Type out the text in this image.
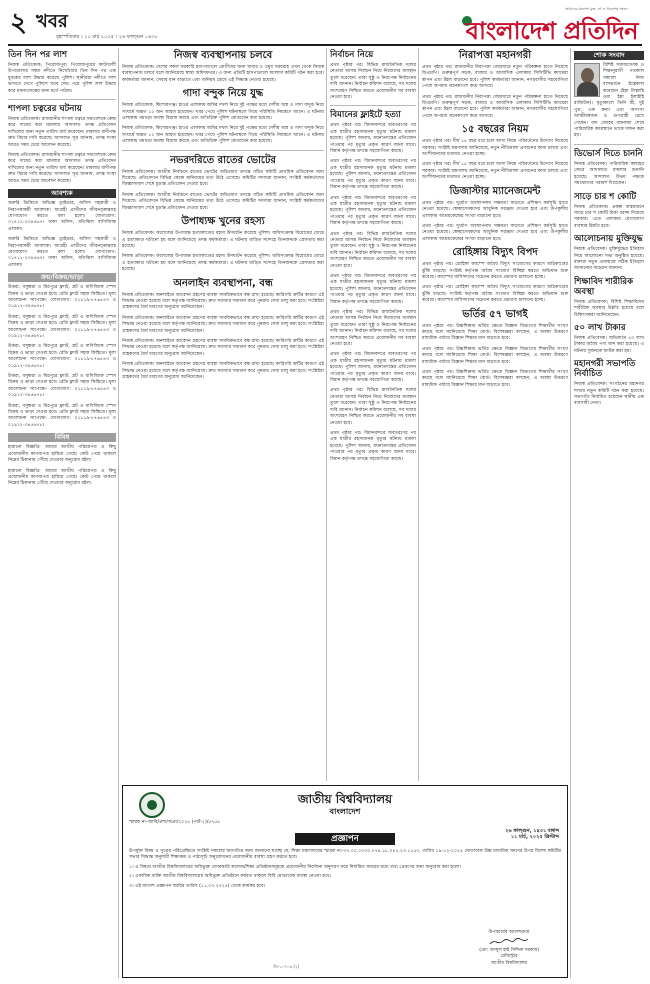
২ খবর
বৃহস্পতিবার । ১০ মার্চ ২০২৫ । ২৬ ফাল্গুন ১৪৩০
আমাদের প্রত্যাশা মুক্ত, সৎ ও নিরপেক্ষ সংবাদ
বাংলাদেশ প্রতিদিন
তিন দিন পর লাশ

নিজস্ব প্রতিবেদক, পিরোজপুর। পিরোজপুরের কাউখালী উপজেলার সন্ধ্যা নদীতে নিখোঁজের তিন দিন পর এক যুবকের লাশ উদ্ধার করেছে পুলিশ। স্থানীয়রা নদীতে লাশ ভাসতে দেখে পুলিশে খবর দেয়। পরে পুলিশ লাশ উদ্ধার করে ময়নাতদন্তের জন্য মর্গে পাঠায়।

শাপলা চত্বরের ঘটনায়

নিজস্ব প্রতিবেদক। রাজধানীর শাপলা চত্বরে সমাবেশকে কেন্দ্র করে দায়ের করা মামলায় আদালত তদন্ত প্রতিবেদন দাখিলের জন্য নতুন তারিখ ধার্য করেছেন। মামলার বাদীপক্ষ দ্রুত বিচার দাবি করেছে। আদালত সূত্র জানায়, তদন্ত সংস্থা আরও সময় চেয়ে আবেদন করেছে।

নিজস্ব প্রতিবেদক। রাজধানীর শাপলা চত্বরে সমাবেশকে কেন্দ্র করে দায়ের করা মামলায় আদালত তদন্ত প্রতিবেদন দাখিলের জন্য নতুন তারিখ ধার্য করেছেন। মামলার বাদীপক্ষ দ্রুত বিচার দাবি করেছে। আদালত সূত্র জানায়, তদন্ত সংস্থা আরও সময় চেয়ে আবেদন করেছে।

আবশ্যক

জরুরি ভিত্তিতে অভিজ্ঞ ড্রাইভার, অফিস সহকারী ও নিরাপত্তাকর্মী আবশ্যক। আগ্রহী প্রার্থীদের জীবনবৃত্তান্তসহ যোগাযোগ করতে বলা হলো। যোগাযোগ: ০১৭১১-২৩৪৫৬৭। ঢাকা অফিস, মতিঝিল বাণিজ্যিক এলাকা।

জরুরি ভিত্তিতে অভিজ্ঞ ড্রাইভার, অফিস সহকারী ও নিরাপত্তাকর্মী আবশ্যক। আগ্রহী প্রার্থীদের জীবনবৃত্তান্তসহ যোগাযোগ করতে বলা হলো। যোগাযোগ: ০১৭১১-২৩৪৫৬৭। ঢাকা অফিস, মতিঝিল বাণিজ্যিক এলাকা।

ক্রয়/বিক্রয়/ভাড়া

উত্তরা, বসুন্ধরা ও মিরপুরে ফ্ল্যাট, প্লট ও বাণিজ্যিক স্পেস বিক্রয় ও ভাড়া দেওয়া হবে। রেডি ফ্ল্যাট সহজ কিস্তিতে। মূল্য আলোচনা সাপেক্ষে। যোগাযোগ: ০১৮১৯-৮৭৬৫৪৩ ও ০১৯১২-৩৪৫৬৭৮।

উত্তরা, বসুন্ধরা ও মিরপুরে ফ্ল্যাট, প্লট ও বাণিজ্যিক স্পেস বিক্রয় ও ভাড়া দেওয়া হবে। রেডি ফ্ল্যাট সহজ কিস্তিতে। মূল্য আলোচনা সাপেক্ষে। যোগাযোগ: ০১৮১৯-৮৭৬৫৪৩ ও ০১৯১২-৩৪৫৬৭৮।

উত্তরা, বসুন্ধরা ও মিরপুরে ফ্ল্যাট, প্লট ও বাণিজ্যিক স্পেস বিক্রয় ও ভাড়া দেওয়া হবে। রেডি ফ্ল্যাট সহজ কিস্তিতে। মূল্য আলোচনা সাপেক্ষে। যোগাযোগ: ০১৮১৯-৮৭৬৫৪৩ ও ০১৯১২-৩৪৫৬৭৮।

উত্তরা, বসুন্ধরা ও মিরপুরে ফ্ল্যাট, প্লট ও বাণিজ্যিক স্পেস বিক্রয় ও ভাড়া দেওয়া হবে। রেডি ফ্ল্যাট সহজ কিস্তিতে। মূল্য আলোচনা সাপেক্ষে। যোগাযোগ: ০১৮১৯-৮৭৬৫৪৩ ও ০১৯১২-৩৪৫৬৭৮।

উত্তরা, বসুন্ধরা ও মিরপুরে ফ্ল্যাট, প্লট ও বাণিজ্যিক স্পেস বিক্রয় ও ভাড়া দেওয়া হবে। রেডি ফ্ল্যাট সহজ কিস্তিতে। মূল্য আলোচনা সাপেক্ষে। যোগাযোগ: ০১৮১৯-৮৭৬৫৪৩ ও ০১৯১২-৩৪৫৬৭৮।

বিবিধ

হারানো বিজ্ঞপ্তি: আমার জাতীয় পরিচয়পত্র ও কিছু প্রয়োজনীয় কাগজপত্র হারিয়ে গেছে। কেউ পেয়ে থাকলে নিম্নের ঠিকানায় পৌঁছে দেওয়ার অনুরোধ রইল।

হারানো বিজ্ঞপ্তি: আমার জাতীয় পরিচয়পত্র ও কিছু প্রয়োজনীয় কাগজপত্র হারিয়ে গেছে। কেউ পেয়ে থাকলে নিম্নের ঠিকানায় পৌঁছে দেওয়ার অনুরোধ রইল।

নিজস্ব ব্যবস্থাপনায় চলবে

নিজস্ব প্রতিবেদক। দেশের সকল সরকারি হাসপাতালে রোগীদের জন্য খাবার ও ওষুধ সরবরাহ এখন থেকে নিজস্ব ব্যবস্থাপনায় চলবে বলে জানিয়েছে স্বাস্থ্য অধিদফতর। এ জন্য প্রতিটি হাসপাতালে আলাদা কমিটি গঠন করা হবে। কর্মকর্তারা জানান, সেবার মান বাড়াতে এবং অনিয়ম রোধে এই সিদ্ধান্ত নেওয়া হয়েছে।

গাদা বন্দুক নিয়ে যুদ্ধ

নিজস্ব প্রতিবেদক, কিশোরগঞ্জ। হাওর এলাকায় জমির দখল নিয়ে দুই পক্ষের মধ্যে দেশীয় অস্ত্র ও গাদা বন্দুক নিয়ে সংঘর্ষে অন্তত ১২ জন আহত হয়েছেন। খবর পেয়ে পুলিশ ঘটনাস্থলে গিয়ে পরিস্থিতি নিয়ন্ত্রণে আনে। এ ঘটনায় এলাকায় থমথমে অবস্থা বিরাজ করছে এবং অতিরিক্ত পুলিশ মোতায়েন করা হয়েছে।

নিজস্ব প্রতিবেদক, কিশোরগঞ্জ। হাওর এলাকায় জমির দখল নিয়ে দুই পক্ষের মধ্যে দেশীয় অস্ত্র ও গাদা বন্দুক নিয়ে সংঘর্ষে অন্তত ১২ জন আহত হয়েছেন। খবর পেয়ে পুলিশ ঘটনাস্থলে গিয়ে পরিস্থিতি নিয়ন্ত্রণে আনে। এ ঘটনায় এলাকায় থমথমে অবস্থা বিরাজ করছে এবং অতিরিক্ত পুলিশ মোতায়েন করা হয়েছে।

নভরদরিতে রাতের ভোটের

নিজস্ব প্রতিবেদক। জাতীয় নির্বাচনে রাতের ভোটের অভিযোগ তদন্তে গঠিত কমিটি প্রাথমিক প্রতিবেদন জমা দিয়েছে। প্রতিবেদনে বিভিন্ন কেন্দ্রে অনিয়মের তথ্য উঠে এসেছে। কমিটির সদস্যরা জানান, সংশ্লিষ্ট কর্মকর্তাদের জিজ্ঞাসাবাদ শেষে চূড়ান্ত প্রতিবেদন দেওয়া হবে।

নিজস্ব প্রতিবেদক। জাতীয় নির্বাচনে রাতের ভোটের অভিযোগ তদন্তে গঠিত কমিটি প্রাথমিক প্রতিবেদন জমা দিয়েছে। প্রতিবেদনে বিভিন্ন কেন্দ্রে অনিয়মের তথ্য উঠে এসেছে। কমিটির সদস্যরা জানান, সংশ্লিষ্ট কর্মকর্তাদের জিজ্ঞাসাবাদ শেষে চূড়ান্ত প্রতিবেদন দেওয়া হবে।

উপাধ্যক্ষ খুনের রহস্য

নিজস্ব প্রতিবেদক। কলেজের উপাধ্যক্ষ হত্যাকাণ্ডের রহস্য উদঘাটন করেছে পুলিশ। জমিসংক্রান্ত বিরোধের জেরে এ হত্যাকাণ্ড ঘটানো হয় বলে জানিয়েছে তদন্ত কর্মকর্তারা। এ ঘটনায় জড়িত সন্দেহে তিনজনকে গ্রেফতার করা হয়েছে।

নিজস্ব প্রতিবেদক। কলেজের উপাধ্যক্ষ হত্যাকাণ্ডের রহস্য উদঘাটন করেছে পুলিশ। জমিসংক্রান্ত বিরোধের জেরে এ হত্যাকাণ্ড ঘটানো হয় বলে জানিয়েছে তদন্ত কর্মকর্তারা। এ ঘটনায় জড়িত সন্দেহে তিনজনকে গ্রেফতার করা হয়েছে।

অনলাইন ব্যবস্থাপনা, বন্ধ

নিজস্ব প্রতিবেদক। অনলাইনে আবেদন গ্রহণের ব্যবস্থা সাময়িকভাবে বন্ধ রাখা হয়েছে। কারিগরি ত্রুটির কারণে এই সিদ্ধান্ত নেওয়া হয়েছে বলে কর্তৃপক্ষ জানিয়েছে। দ্রুত সমস্যার সমাধান করে পুনরায় সেবা চালু করা হবে। সংশ্লিষ্টরা গ্রাহকদের ধৈর্য ধারণের অনুরোধ জানিয়েছেন।

নিজস্ব প্রতিবেদক। অনলাইনে আবেদন গ্রহণের ব্যবস্থা সাময়িকভাবে বন্ধ রাখা হয়েছে। কারিগরি ত্রুটির কারণে এই সিদ্ধান্ত নেওয়া হয়েছে বলে কর্তৃপক্ষ জানিয়েছে। দ্রুত সমস্যার সমাধান করে পুনরায় সেবা চালু করা হবে। সংশ্লিষ্টরা গ্রাহকদের ধৈর্য ধারণের অনুরোধ জানিয়েছেন।

নিজস্ব প্রতিবেদক। অনলাইনে আবেদন গ্রহণের ব্যবস্থা সাময়িকভাবে বন্ধ রাখা হয়েছে। কারিগরি ত্রুটির কারণে এই সিদ্ধান্ত নেওয়া হয়েছে বলে কর্তৃপক্ষ জানিয়েছে। দ্রুত সমস্যার সমাধান করে পুনরায় সেবা চালু করা হবে। সংশ্লিষ্টরা গ্রাহকদের ধৈর্য ধারণের অনুরোধ জানিয়েছেন।

নিজস্ব প্রতিবেদক। অনলাইনে আবেদন গ্রহণের ব্যবস্থা সাময়িকভাবে বন্ধ রাখা হয়েছে। কারিগরি ত্রুটির কারণে এই সিদ্ধান্ত নেওয়া হয়েছে বলে কর্তৃপক্ষ জানিয়েছে। দ্রুত সমস্যার সমাধান করে পুনরায় সেবা চালু করা হবে। সংশ্লিষ্টরা গ্রাহকদের ধৈর্য ধারণের অনুরোধ জানিয়েছেন।

নির্বাচন নিয়ে

প্রথম পৃষ্ঠার পর। বিভিন্ন রাজনৈতিক দলের নেতারা আসন্ন নির্বাচন নিয়ে নিজেদের অবস্থান তুলে ধরেছেন। তারা সুষ্ঠু ও নিরপেক্ষ নির্বাচনের দাবি জানান। নির্বাচন কমিশন বলেছে, সব দলের অংশগ্রহণ নিশ্চিত করতে প্রয়োজনীয় সব ব্যবস্থা নেওয়া হবে।

বিমানের ফ্লাইটে হত্যা

প্রথম পৃষ্ঠার পর। বিমানবন্দরে অবতরণের পর এক যাত্রীর রহস্যজনক মৃত্যুর ঘটনায় মামলা হয়েছে। পুলিশ জানায়, ময়নাতদন্তের প্রতিবেদন পাওয়ার পর মৃত্যুর প্রকৃত কারণ জানা যাবে। বিমান কর্তৃপক্ষ তদন্তে সহযোগিতা করছে।

প্রথম পৃষ্ঠার পর। বিমানবন্দরে অবতরণের পর এক যাত্রীর রহস্যজনক মৃত্যুর ঘটনায় মামলা হয়েছে। পুলিশ জানায়, ময়নাতদন্তের প্রতিবেদন পাওয়ার পর মৃত্যুর প্রকৃত কারণ জানা যাবে। বিমান কর্তৃপক্ষ তদন্তে সহযোগিতা করছে।

প্রথম পৃষ্ঠার পর। বিমানবন্দরে অবতরণের পর এক যাত্রীর রহস্যজনক মৃত্যুর ঘটনায় মামলা হয়েছে। পুলিশ জানায়, ময়নাতদন্তের প্রতিবেদন পাওয়ার পর মৃত্যুর প্রকৃত কারণ জানা যাবে। বিমান কর্তৃপক্ষ তদন্তে সহযোগিতা করছে।

প্রথম পৃষ্ঠার পর। বিভিন্ন রাজনৈতিক দলের নেতারা আসন্ন নির্বাচন নিয়ে নিজেদের অবস্থান তুলে ধরেছেন। তারা সুষ্ঠু ও নিরপেক্ষ নির্বাচনের দাবি জানান। নির্বাচন কমিশন বলেছে, সব দলের অংশগ্রহণ নিশ্চিত করতে প্রয়োজনীয় সব ব্যবস্থা নেওয়া হবে।

প্রথম পৃষ্ঠার পর। বিমানবন্দরে অবতরণের পর এক যাত্রীর রহস্যজনক মৃত্যুর ঘটনায় মামলা হয়েছে। পুলিশ জানায়, ময়নাতদন্তের প্রতিবেদন পাওয়ার পর মৃত্যুর প্রকৃত কারণ জানা যাবে। বিমান কর্তৃপক্ষ তদন্তে সহযোগিতা করছে।

প্রথম পৃষ্ঠার পর। বিভিন্ন রাজনৈতিক দলের নেতারা আসন্ন নির্বাচন নিয়ে নিজেদের অবস্থান তুলে ধরেছেন। তারা সুষ্ঠু ও নিরপেক্ষ নির্বাচনের দাবি জানান। নির্বাচন কমিশন বলেছে, সব দলের অংশগ্রহণ নিশ্চিত করতে প্রয়োজনীয় সব ব্যবস্থা নেওয়া হবে।

প্রথম পৃষ্ঠার পর। বিমানবন্দরে অবতরণের পর এক যাত্রীর রহস্যজনক মৃত্যুর ঘটনায় মামলা হয়েছে। পুলিশ জানায়, ময়নাতদন্তের প্রতিবেদন পাওয়ার পর মৃত্যুর প্রকৃত কারণ জানা যাবে। বিমান কর্তৃপক্ষ তদন্তে সহযোগিতা করছে।

প্রথম পৃষ্ঠার পর। বিভিন্ন রাজনৈতিক দলের নেতারা আসন্ন নির্বাচন নিয়ে নিজেদের অবস্থান তুলে ধরেছেন। তারা সুষ্ঠু ও নিরপেক্ষ নির্বাচনের দাবি জানান। নির্বাচন কমিশন বলেছে, সব দলের অংশগ্রহণ নিশ্চিত করতে প্রয়োজনীয় সব ব্যবস্থা নেওয়া হবে।

প্রথম পৃষ্ঠার পর। বিমানবন্দরে অবতরণের পর এক যাত্রীর রহস্যজনক মৃত্যুর ঘটনায় মামলা হয়েছে। পুলিশ জানায়, ময়নাতদন্তের প্রতিবেদন পাওয়ার পর মৃত্যুর প্রকৃত কারণ জানা যাবে। বিমান কর্তৃপক্ষ তদন্তে সহযোগিতা করছে।

নিরাপত্তা মহানগরী

প্রথম পৃষ্ঠার পর। রাজধানীর নিরাপত্তা জোরদারে নতুন পরিকল্পনা হাতে নিয়েছে ডিএমপি। গুরুত্বপূর্ণ সড়ক, বাজার ও আবাসিক এলাকায় সিসিটিভি ক্যামেরা স্থাপন এবং টহল বাড়ানো হবে। পুলিশ কর্মকর্তারা জানান, নগরবাসীর সহযোগিতা পেলে অপরাধ অনেকাংশে কমে আসবে।

প্রথম পৃষ্ঠার পর। রাজধানীর নিরাপত্তা জোরদারে নতুন পরিকল্পনা হাতে নিয়েছে ডিএমপি। গুরুত্বপূর্ণ সড়ক, বাজার ও আবাসিক এলাকায় সিসিটিভি ক্যামেরা স্থাপন এবং টহল বাড়ানো হবে। পুলিশ কর্মকর্তারা জানান, নগরবাসীর সহযোগিতা পেলে অপরাধ অনেকাংশে কমে আসবে।

১৫ বছরের নিয়ম

প্রথম পৃষ্ঠার পর। দীর্ঘ ১৫ বছর ধরে চলে আসা নিয়ম পরিবর্তনের উদ্যোগ নিয়েছে সরকার। সংশ্লিষ্ট মন্ত্রণালয় জানিয়েছে, নতুন নীতিমালা প্রণয়নের কাজ চলছে এবং অংশীজনদের মতামত নেওয়া হচ্ছে।

প্রথম পৃষ্ঠার পর। দীর্ঘ ১৫ বছর ধরে চলে আসা নিয়ম পরিবর্তনের উদ্যোগ নিয়েছে সরকার। সংশ্লিষ্ট মন্ত্রণালয় জানিয়েছে, নতুন নীতিমালা প্রণয়নের কাজ চলছে এবং অংশীজনদের মতামত নেওয়া হচ্ছে।

ডিজাস্টার ম্যানেজমেন্ট

প্রথম পৃষ্ঠার পর। দুর্যোগ ব্যবস্থাপনায় সক্ষমতা বাড়াতে প্রশিক্ষণ কর্মসূচি হাতে নেওয়া হয়েছে। স্বেচ্ছাসেবকদের আধুনিক সরঞ্জাম দেওয়া হবে এবং উপকূলীয় এলাকায় আশ্রয়কেন্দ্রের সংখ্যা বাড়ানো হবে।

প্রথম পৃষ্ঠার পর। দুর্যোগ ব্যবস্থাপনায় সক্ষমতা বাড়াতে প্রশিক্ষণ কর্মসূচি হাতে নেওয়া হয়েছে। স্বেচ্ছাসেবকদের আধুনিক সরঞ্জাম দেওয়া হবে এবং উপকূলীয় এলাকায় আশ্রয়কেন্দ্রের সংখ্যা বাড়ানো হবে।

রোহিঙ্গায় বিদ্যুৎ বিপদ

প্রথম পৃষ্ঠার পর। রোহিঙ্গা ক্যাম্পে অবৈধ বিদ্যুৎ সংযোগের কারণে অগ্নিকাণ্ডের ঝুঁকি বাড়ছে। সংশ্লিষ্ট কর্তৃপক্ষ অবৈধ সংযোগ বিচ্ছিন্ন করতে অভিযান শুরু করেছে। ক্যাম্পের বাসিন্দাদের সচেতন করতে প্রচারণা চালানো হচ্ছে।

প্রথম পৃষ্ঠার পর। রোহিঙ্গা ক্যাম্পে অবৈধ বিদ্যুৎ সংযোগের কারণে অগ্নিকাণ্ডের ঝুঁকি বাড়ছে। সংশ্লিষ্ট কর্তৃপক্ষ অবৈধ সংযোগ বিচ্ছিন্ন করতে অভিযান শুরু করেছে। ক্যাম্পের বাসিন্দাদের সচেতন করতে প্রচারণা চালানো হচ্ছে।

ভর্তির ৫৭ ভাগই

প্রথম পৃষ্ঠার পর। উচ্চশিক্ষায় ভর্তির ক্ষেত্রে বিজ্ঞান বিভাগের শিক্ষার্থীর সংখ্যা কমছে বলে জানিয়েছে শিক্ষা বোর্ড। বিশেষজ্ঞরা বলছেন, এ অবস্থা উত্তরণে মাধ্যমিক পর্যায়ে বিজ্ঞান শিক্ষার মান বাড়াতে হবে।

প্রথম পৃষ্ঠার পর। উচ্চশিক্ষায় ভর্তির ক্ষেত্রে বিজ্ঞান বিভাগের শিক্ষার্থীর সংখ্যা কমছে বলে জানিয়েছে শিক্ষা বোর্ড। বিশেষজ্ঞরা বলছেন, এ অবস্থা উত্তরণে মাধ্যমিক পর্যায়ে বিজ্ঞান শিক্ষার মান বাড়াতে হবে।

প্রথম পৃষ্ঠার পর। উচ্চশিক্ষায় ভর্তির ক্ষেত্রে বিজ্ঞান বিভাগের শিক্ষার্থীর সংখ্যা কমছে বলে জানিয়েছে শিক্ষা বোর্ড। বিশেষজ্ঞরা বলছেন, এ অবস্থা উত্তরণে মাধ্যমিক পর্যায়ে বিজ্ঞান শিক্ষার মান বাড়াতে হবে।

শোক সংবাদ

বিশিষ্ট সমাজসেবক ও শিক্ষানুরাগী গতকাল সকালে নিজ বাসভবনে ইন্তেকাল করেছেন (ইন্না লিল্লাহি ওয়া ইন্না ইলাইহি রাজিউন)। মৃত্যুকালে তিনি স্ত্রী, দুই পুত্র, এক কন্যা এবং অসংখ্য আত্মীয়স্বজন ও গুণগ্রাহী রেখে গেছেন। বাদ জোহর জানাজা শেষে পারিবারিক কবরস্থানে তাকে দাফন করা হয়।

ডিভোর্স দিতে চাননি

নিজস্ব প্রতিবেদক। পারিবারিক কলহের জেরে আদালতে মামলার শুনানি হয়েছে। আদালত উভয় পক্ষকে সমঝোতার পরামর্শ দিয়েছেন।

সাড়ে চার শ কোটি

নিজস্ব প্রতিবেদক। প্রকল্প বাস্তবায়নে সাড়ে চার শ কোটি টাকা বরাদ্দ দিয়েছে সরকার। এতে এলাকার যোগাযোগ ব্যবস্থার উন্নতি হবে।

আলোচনায় মুক্তিযুদ্ধ

নিজস্ব প্রতিবেদক। মুক্তিযুদ্ধের ইতিহাস নিয়ে আলোচনা সভা অনুষ্ঠিত হয়েছে। বক্তারা নতুন প্রজন্মকে সঠিক ইতিহাস জানানোর আহ্বান জানান।

শিক্ষাবিদ শারীরিক অবস্থা

নিজস্ব প্রতিবেদক। বিশিষ্ট শিক্ষাবিদের শারীরিক অবস্থার উন্নতি হয়েছে বলে চিকিৎসকরা জানিয়েছেন।

৫০ লাখ টাকার

নিজস্ব প্রতিবেদক। অভিযানে ৫০ লাখ টাকার অবৈধ পণ্য জব্দ করা হয়েছে। এ ঘটনায় দুজনকে আটক করা হয়।

মহানগরী সভাপতি নির্বাচিত

নিজস্ব প্রতিবেদক। সংগঠনের মহানগর শাখার নতুন কমিটি গঠন করা হয়েছে। সভাপতি নির্বাচিত হয়েছেন স্থানীয় এক ব্যবসায়ী নেতা।

জাতীয় বিশ্ববিদ্যালয়
বাংলাদেশ
স্মারক নং-জাবি/প্রশা/অপ্রা/২০২৫ (পার্ট-২)/৫৭৫৮
২৬ ফাল্গুন, ১৪৩১ বঙ্গাব্দ
১১ মার্চ, ২০২৫ খ্রিস্টাব্দ
প্রজ্ঞাপন

উপর্যুক্ত বিষয় ও সূত্রের পরিপ্রেক্ষিতে সংশ্লিষ্ট সকলের অবগতির জন্য জানানো যাচ্ছে যে, শিক্ষা মন্ত্রণালয়ের স্মারক নং-৩৭.০০.০০০০.০৭৪.১৮.০০২.২৩.১২৫০, তারিখ ১৯-১২-২০২৪ মোতাবেক উচ্চ মাধ্যমিক সনদের উপর বিশেষ কমিটির সভার সিদ্ধান্ত অনুযায়ী শিক্ষাক্রম ও পাঠ্যসূচি অনুমোদনের প্রয়োজনীয় ব্যবস্থা গ্রহণ করতে হবে।

১। এ বিষয়ে জাতীয় বিশ্ববিদ্যালয়ের অধিভুক্ত বেসরকারি কলেজ/শিক্ষা প্রতিষ্ঠানসমূহকে প্রয়োজনীয় নির্দেশনা অনুসরণ করে নির্ধারিত সময়ের মধ্যে তথ্য প্রেরণের জন্য অনুরোধ করা হলো।

২। একাধিক ব্যক্তি জাতীয় বিশ্ববিদ্যালয়ের অধিভুক্ত প্রতিষ্ঠানে কর্মরত থাকলে বিধি মোতাবেক ব্যবস্থা নেওয়া হবে।

৩। এই আদেশ প্রজ্ঞাপন জারির তারিখ (১১.০৩.২০২৫) থেকে কার্যকর হবে।

উপাচার্যের আদেশক্রমে
(মো: আব্দুল হাই সিদ্দিক সরকার)
রেজিস্ট্রার
জাতীয় বিশ্ববিদ্যালয়
জি-১০৭০৬ (২)
